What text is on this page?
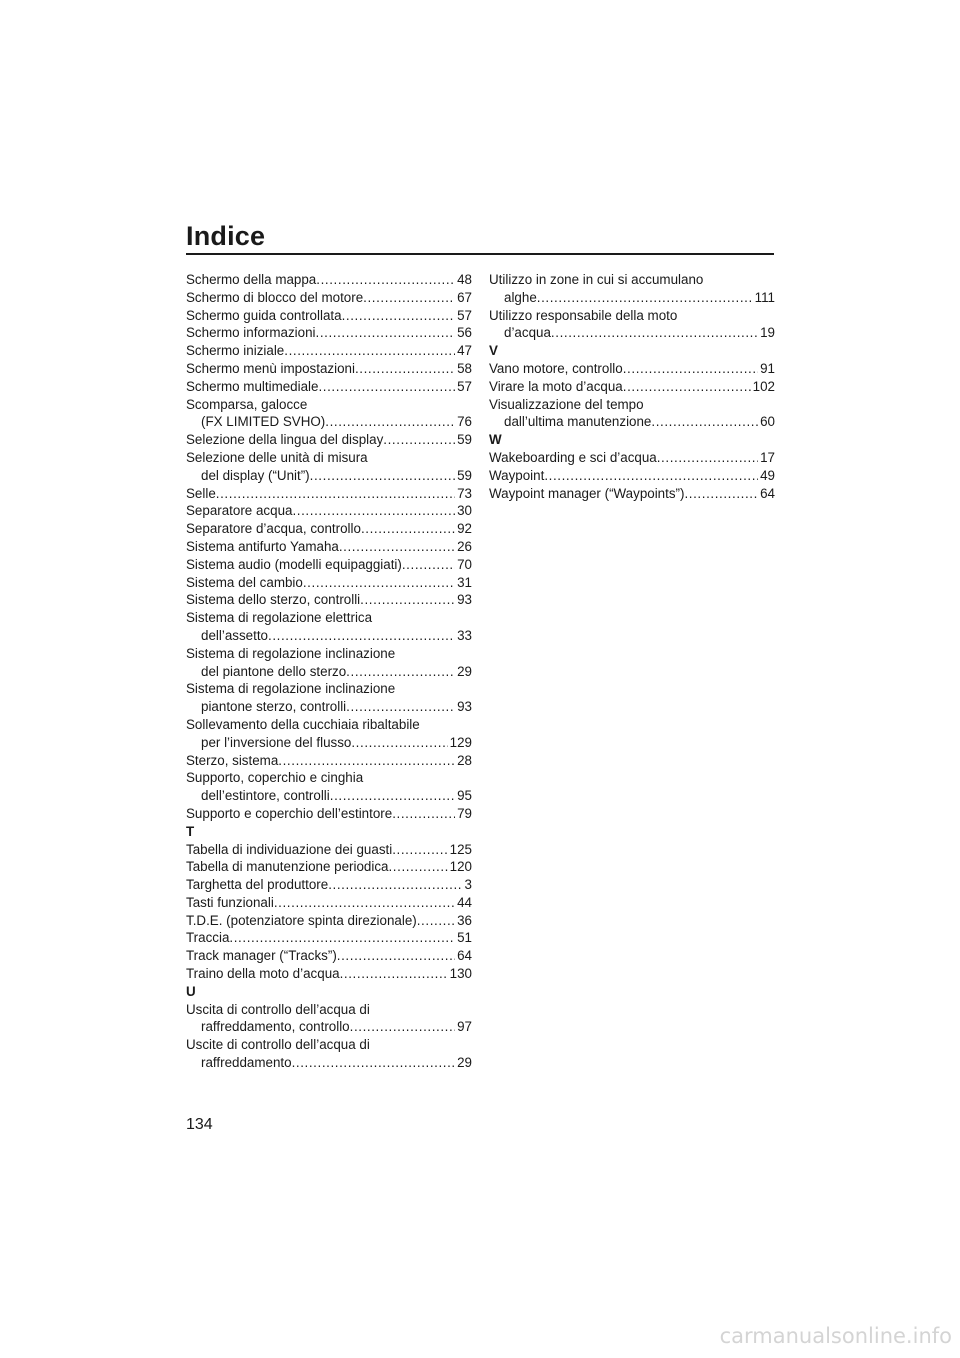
Indice
Schermo della mappa .....	48
Schermo di blocco del motore .....	67
Schermo guida controllata .....	57
Schermo informazioni .....	56
Schermo iniziale .....	47
Schermo menù impostazioni .....	58
Schermo multimediale .....	57
Scomparsa, galocce
(FX LIMITED SVHO) .....	76
Selezione della lingua del display .....	59
Selezione delle unità di misura
del display (“Unit”) .....	59
Selle .....	73
Separatore acqua .....	30
Separatore d’acqua, controllo .....	92
Sistema antifurto Yamaha .....	26
Sistema audio (modelli equipaggiati) .....	70
Sistema del cambio .....	31
Sistema dello sterzo, controlli .....	93
Sistema di regolazione elettrica
dell’assetto .....	33
Sistema di regolazione inclinazione
del piantone dello sterzo .....	29
Sistema di regolazione inclinazione
piantone sterzo, controlli .....	93
Sollevamento della cucchiaia ribaltabile
per l’inversione del flusso .....	129
Sterzo, sistema .....	28
Supporto, coperchio e cinghia
dell’estintore, controlli .....	95
Supporto e coperchio dell’estintore .....	79
T
Tabella di individuazione dei guasti .....	125
Tabella di manutenzione periodica .....	120
Targhetta del produttore .....	3
Tasti funzionali .....	44
T.D.E. (potenziatore spinta direzionale) .....	36
Traccia .....	51
Track manager (“Tracks”) .....	64
Traino della moto d’acqua .....	130
U
Uscita di controllo dell’acqua di
raffreddamento, controllo .....	97
Uscite di controllo dell’acqua di
raffreddamento .....	29
Utilizzo in zone in cui si accumulano
alghe .....	111
Utilizzo responsabile della moto
d’acqua .....	19
V
Vano motore, controllo .....	91
Virare la moto d’acqua .....	102
Visualizzazione del tempo
dall’ultima manutenzione .....	60
W
Wakeboarding e sci d’acqua .....	17
Waypoint .....	49
Waypoint manager (“Waypoints”) .....	64
134
carmanualsonline.info
